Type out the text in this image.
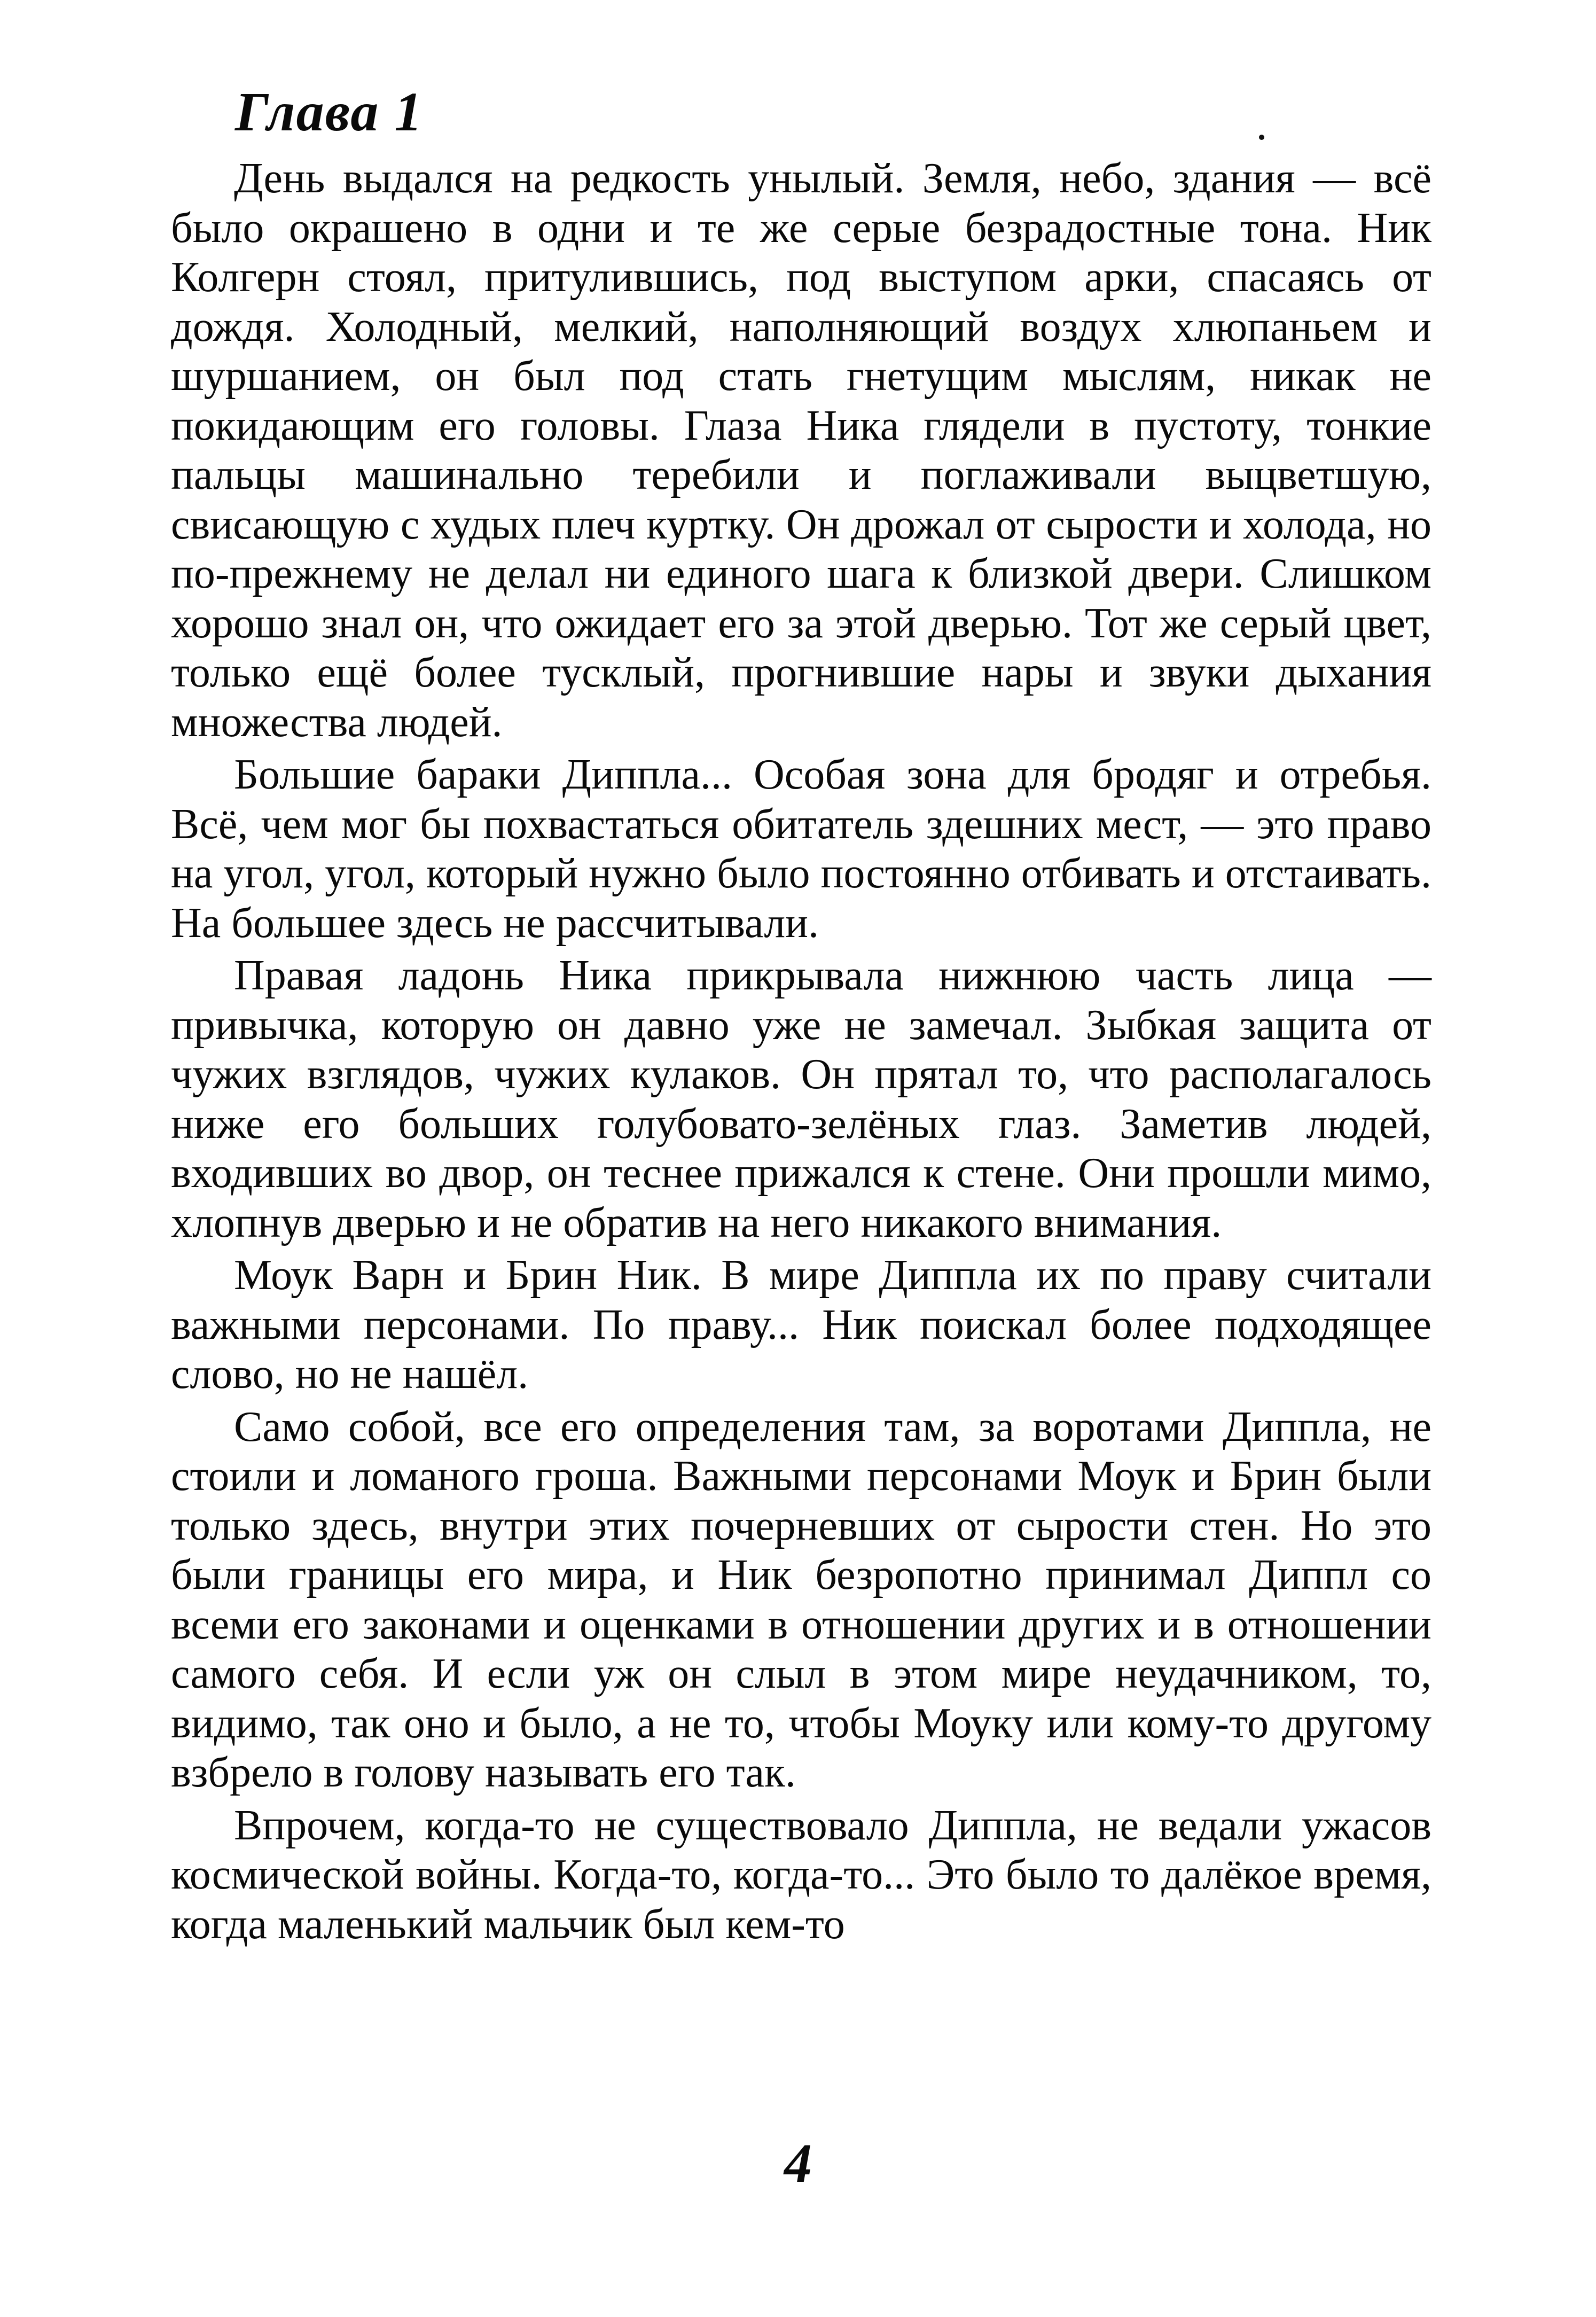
Глава 1

День выдался на редкость унылый. Земля, небо, здания — всё было окрашено в одни и те же серые безрадостные тона. Ник Колгерн стоял, притулившись, под выступом арки, спасаясь от дождя. Холодный, мелкий, наполняющий воздух хлюпаньем и шуршанием, он был под стать гнетущим мыслям, никак не покидающим его головы. Глаза Ника глядели в пустоту, тонкие пальцы машинально теребили и поглаживали выцветшую, свисающую с худых плеч куртку. Он дрожал от сырости и холода, но по-прежнему не делал ни единого шага к близкой двери. Слишком хорошо знал он, что ожидает его за этой дверью. Тот же серый цвет, только ещё более тусклый, прогнившие нары и звуки дыхания множества людей.

Большие бараки Диппла... Особая зона для бродяг и отребья. Всё, чем мог бы похвастаться обитатель здешних мест, — это право на угол, угол, который нужно было постоянно отбивать и отстаивать. На большее здесь не рассчитывали.

Правая ладонь Ника прикрывала нижнюю часть лица — привычка, которую он давно уже не замечал. Зыбкая защита от чужих взглядов, чужих кулаков. Он прятал то, что располагалось ниже его больших голубовато-зелёных глаз. Заметив людей, входивших во двор, он теснее прижался к стене. Они прошли мимо, хлопнув дверью и не обратив на него никакого внимания.

Моук Варн и Брин Ник. В мире Диппла их по праву считали важными персонами. По праву... Ник поискал более подходящее слово, но не нашёл.

Само собой, все его определения там, за воротами Диппла, не стоили и ломаного гроша. Важными персонами Моук и Брин были только здесь, внутри этих почерневших от сырости стен. Но это были границы его мира, и Ник безропотно принимал Диппл со всеми его законами и оценками в отношении других и в отношении самого себя. И если уж он слыл в этом мире неудачником, то, видимо, так оно и было, а не то, чтобы Моуку или кому-то другому взбрело в голову называть его так.

Впрочем, когда-то не существовало Диппла, не ведали ужасов космической войны. Когда-то, когда-то... Это было то далёкое время, когда маленький мальчик был кем-то

4
